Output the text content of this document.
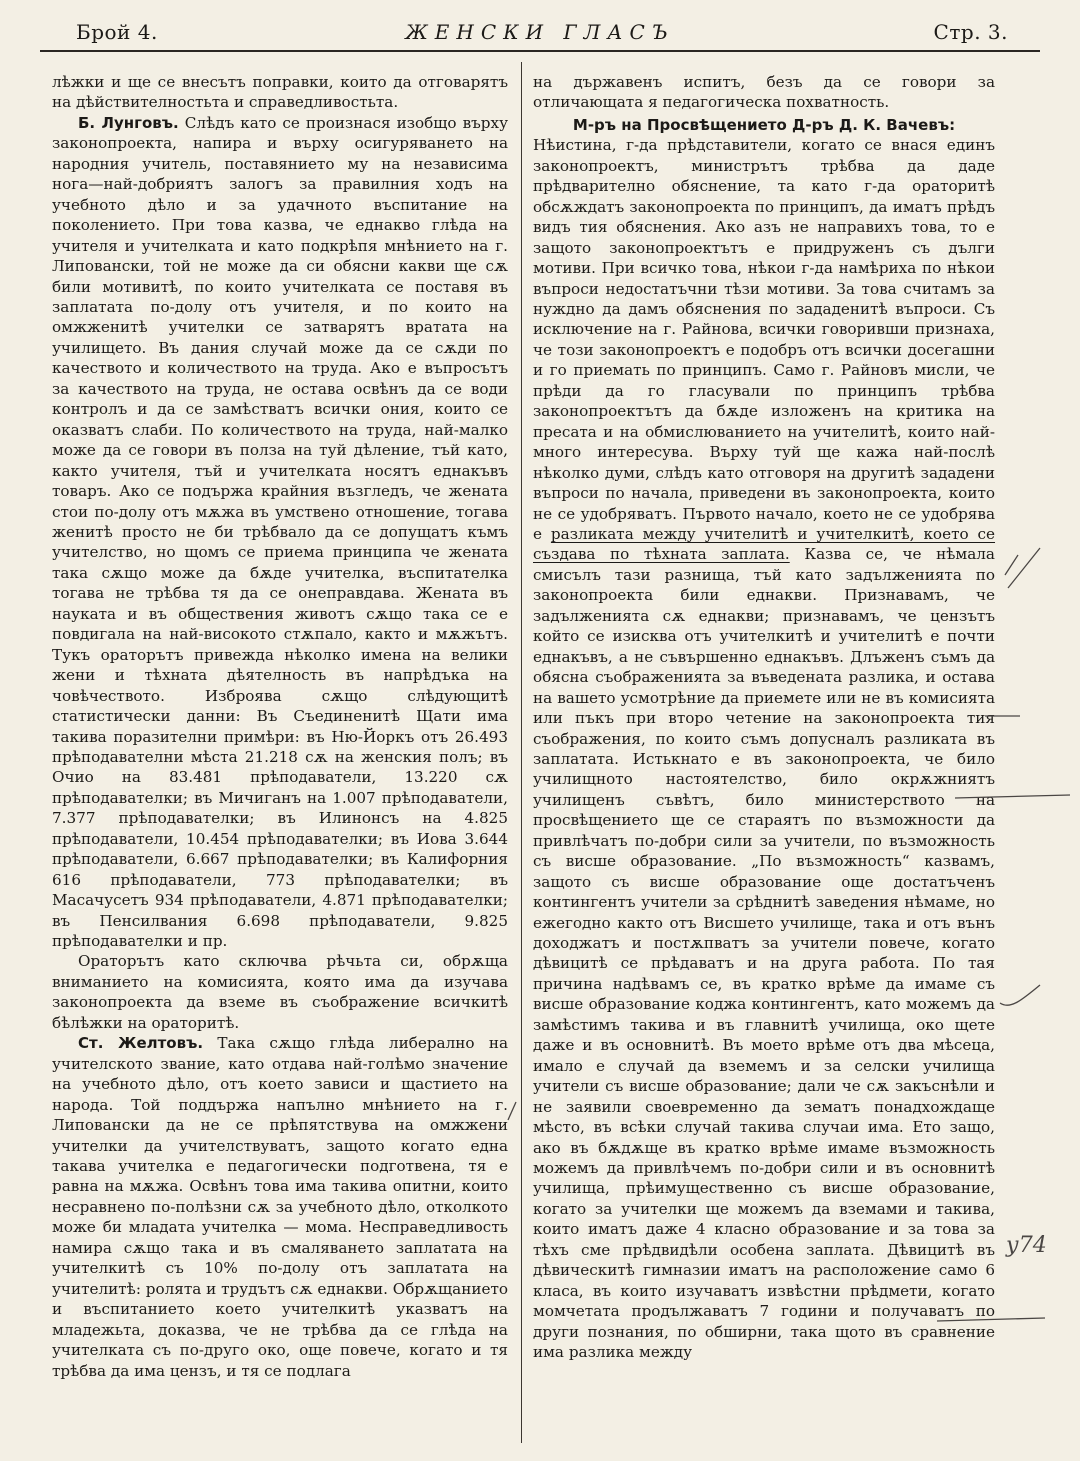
Брой 4.	ЖЕНСКИ ГЛАСЪ	Стр. 3.

лѣжки и ще се внесътъ поправки, които да отговарятъ на дѣйствителностьта и справедливостьта.

Б. Лунговъ. Слѣдъ като се произнася изобщо върху законопроекта, напира и върху осигуряването на народния учитель, поставянието му на независима нога—най-добриятъ залогъ за правилния ходъ на учебното дѣло и за удачното въспитание на поколението. При това казва, че еднакво глѣда на учителя и учителката и като подкрѣпя мнѣнието на г. Липовански, той не може да си обясни какви ще сѫ били мотивитѣ, по които учителката се поставя въ заплатата по-долу отъ учителя, и по които на омжженитѣ учителки се затварятъ вратата на училището. Въ дания случай може да се сѫди по качеството и количеството на труда. Ако е въпросътъ за качеството на труда, не остава освѣнъ да се води контролъ и да се замѣстватъ всички ония, които се оказватъ слаби. По количеството на труда, най-малко може да се говори въ полза на туй дѣление, тъй като, както учителя, тъй и учителката носятъ еднакъвъ товаръ. Ако се подържа крайния възгледъ, че жената стои по-долу отъ мѫжа въ умствено отношение, тогава женитѣ просто не би трѣбвало да се допущатъ къмъ учителство, но щомъ се приема принципа че жената така сѫщо може да бѫде учителка, въспитателка тогава не трѣбва тя да се онеправдава. Жената въ науката и въ обществения животъ сѫщо така се е повдигала на най-високото стѫпало, както и мѫжътъ. Тукъ ораторътъ привежда нѣколко имена на велики жени и тѣхната дѣятелность въ напрѣдъка на човѣчеството. Изброява сѫщо слѣдующитѣ статистически данни: Въ Съединенитѣ Щати има такива поразителни примѣри: въ Ню-Йоркъ отъ 26.493 прѣподавателни мѣста 21.218 сѫ на женския полъ; въ Очио на 83.481 прѣподаватели, 13.220 сѫ прѣподавателки; въ Мичиганъ на 1.007 прѣподаватели, 7.377 прѣподавателки; въ Илинонсъ на 4.825 прѣподаватели, 10.454 прѣподавателки; въ Иова 3.644 прѣподаватели, 6.667 прѣподавателки; въ Калифорния 616 прѣподаватели, 773 прѣподавателки; въ Масачусетъ 934 прѣподаватели, 4.871 прѣподавателки; въ Пенсилвания 6.698 прѣподаватели, 9.825 прѣподавателки и пр.

Ораторътъ като сключва рѣчьта си, обрѫща вниманието на комисията, която има да изучава законопроекта да вземе въ съображение всичкитѣ бѣлѣжки на ораторитѣ.

Ст. Желтовъ. Така сѫщо глѣда либерално на учителското звание, като отдава най-голѣмо значение на учебното дѣло, отъ което зависи и щастието на народа. Той поддържа напълно мнѣнието на г. Липовански да не се прѣпятствува на омжжени учителки да учителствуватъ, защото когато една такава учителка е педагогически подготвена, тя е равна на мѫжа. Освѣнъ това има такива опитни, които несравнено по-полѣзни сѫ за учебното дѣло, отколкото може би младата учителка — мома. Несправедливость намира сѫщо така и въ смаляването заплатата на учителкитѣ съ 10% по-долу отъ заплатата на учителитѣ: ролята и трудътъ сѫ еднакви. Обрѫщанието и въспитанието което учителкитѣ указватъ на младежьта, доказва, че не трѣбва да се глѣда на учителката съ по-друго око, още повече, когато и тя трѣбва да има цензъ, и тя се подлага

на държавенъ испитъ, безъ да се говори за отличающата я педагогическа похватность.

М-ръ на Просвѣщението Д-ръ Д. К. Вачевъ:

Нѣистина, г-да прѣдставители, когато се внася единъ законопроектъ, министрътъ трѣбва да даде прѣдварително обяснение, та като г-да ораторитѣ обсѫждатъ законопроекта по принципъ, да иматъ прѣдъ видъ тия обяснения. Ако азъ не направихъ това, то е защото законопроектътъ е придруженъ съ дълги мотиви. При всичко това, нѣкои г-да намѣриха по нѣкои въпроси недостатъчни тѣзи мотиви. За това считамъ за нуждно да дамъ обяснения по зададенитѣ въпроси. Съ исключение на г. Райнова, всички говоривши признаха, че този законопроектъ е подобръ отъ всички досегашни и го приемать по принципъ. Само г. Райновъ мисли, че прѣди да го гласували по принципъ трѣбва законопроектътъ да бѫде изложенъ на критика на пресата и на обмислюванието на учителитѣ, които най-много интересува. Върху туй ще кажа най-послѣ нѣколко думи, слѣдъ като отговоря на другитѣ зададени въпроси по начала, приведени въ законопроекта, които не се удобряватъ. Първото начало, което не се удобрява е разликата между учителитѣ и учителкитѣ, което се създава по тѣхната заплата. Казва се, че нѣмала смисълъ тази разнища, тъй като задълженията по законопроекта били еднакви. Признавамъ, че задълженията сѫ еднакви; признавамъ, че цензътъ който се изисква отъ учителкитѣ и учителитѣ е почти еднакъвъ, а не съвършенно еднакъвъ. Длъженъ съмъ да обясна съображенията за въведената разлика, и остава на вашето усмотрѣние да приемете или не въ комисията или пъкъ при второ четение на законопроекта тия съображения, по които съмъ допусналъ разликата въ заплатата. Истькнато е въ законопроекта, че било училищното настоятелство, било окрѫжниятъ училищенъ съвѣтъ, било министерството на просвѣщението ще се стараятъ по възможности да привлѣчатъ по-добри сили за учители, по възможность съ висше образование. „По възможность“ казвамъ, защото съ висше образование още достатъченъ контингентъ учители за срѣднитѣ заведения нѣмаме, но ежегодно както отъ Висшето училище, така и отъ вънъ доходжатъ и постѫпватъ за учители повече, когато дѣвицитѣ се прѣдаватъ и на друга работа. По тая причина надѣвамъ се, въ кратко врѣме да имаме съ висше образование коджа контингентъ, като можемъ да замѣстимъ такива и въ главнитѣ училища, око щете даже и въ основнитѣ. Въ моето врѣме отъ два мѣсеца, имало е случай да вземемъ и за селски училища учители съ висше образование; дали че сѫ закъснѣли и не заявили своевременно да зематъ понадхождаще мѣсто, въ всѣки случай такива случаи има. Ето защо, ако въ бѫдѫще въ кратко врѣме имаме възможность можемъ да привлѣчемъ по-добри сили и въ основнитѣ училища, прѣимущественно съ висше образование, когато за учителки ще можемъ да вземами и такива, които иматъ даже 4 класно образование и за това за тѣхъ сме прѣдвидѣли особена заплата. Дѣвицитѣ въ дѣвическитѣ гимназии иматъ на расположение само 6 класа, въ които изучаватъ извѣстни прѣдмети, когато момчетата продължаватъ 7 години и получаватъ по други познания, по обширни, така щото въ сравнение има разлика между

у74
